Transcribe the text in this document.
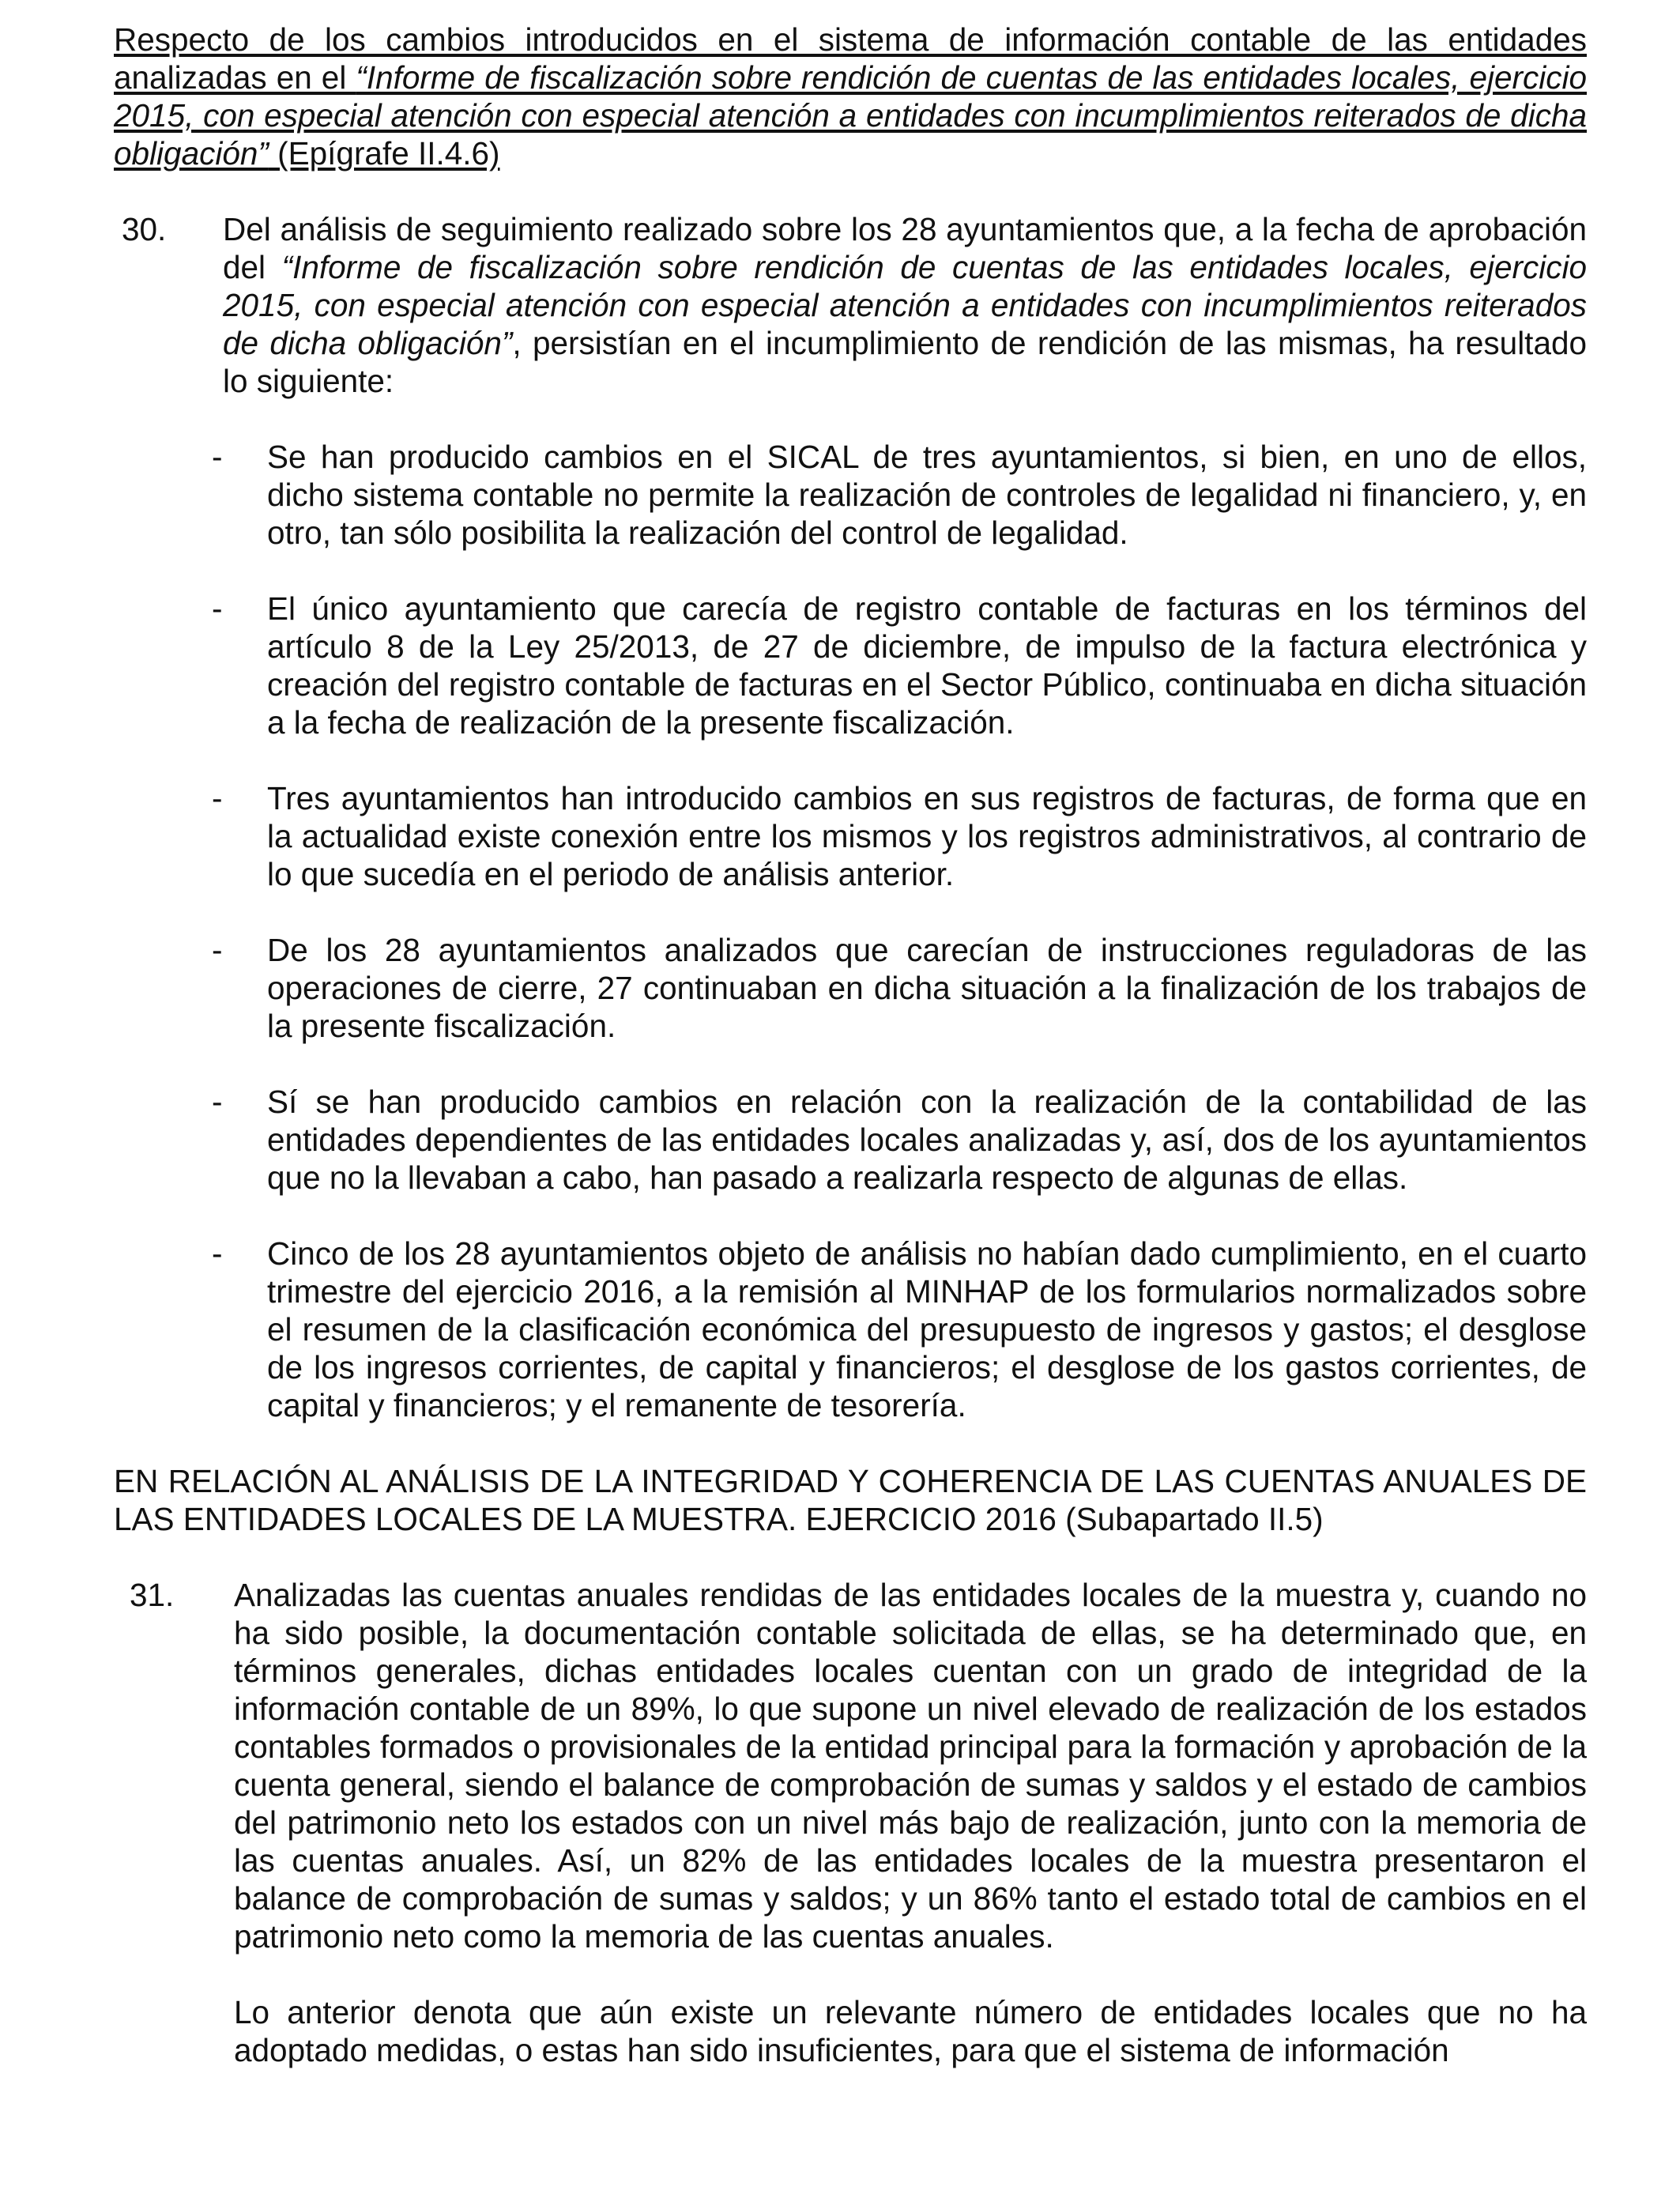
Respecto de los cambios introducidos en el sistema de información contable de las entidades analizadas en el “Informe de fiscalización sobre rendición de cuentas de las entidades locales, ejercicio 2015, con especial atención con especial atención a entidades con incumplimientos reiterados de dicha obligación” (Epígrafe II.4.6)

30. Del análisis de seguimiento realizado sobre los 28 ayuntamientos que, a la fecha de aprobación del “Informe de fiscalización sobre rendición de cuentas de las entidades locales, ejercicio 2015, con especial atención con especial atención a entidades con incumplimientos reiterados de dicha obligación”, persistían en el incumplimiento de rendición de las mismas, ha resultado lo siguiente:
- Se han producido cambios en el SICAL de tres ayuntamientos, si bien, en uno de ellos, dicho sistema contable no permite la realización de controles de legalidad ni financiero, y, en otro, tan sólo posibilita la realización del control de legalidad.
- El único ayuntamiento que carecía de registro contable de facturas en los términos del artículo 8 de la Ley 25/2013, de 27 de diciembre, de impulso de la factura electrónica y creación del registro contable de facturas en el Sector Público, continuaba en dicha situación a la fecha de realización de la presente fiscalización.
- Tres ayuntamientos han introducido cambios en sus registros de facturas, de forma que en la actualidad existe conexión entre los mismos y los registros administrativos, al contrario de lo que sucedía en el periodo de análisis anterior.
- De los 28 ayuntamientos analizados que carecían de instrucciones reguladoras de las operaciones de cierre, 27 continuaban en dicha situación a la finalización de los trabajos de la presente fiscalización.
- Sí se han producido cambios en relación con la realización de la contabilidad de las entidades dependientes de las entidades locales analizadas y, así, dos de los ayuntamientos que no la llevaban a cabo, han pasado a realizarla respecto de algunas de ellas.
- Cinco de los 28 ayuntamientos objeto de análisis no habían dado cumplimiento, en el cuarto trimestre del ejercicio 2016, a la remisión al MINHAP de los formularios normalizados sobre el resumen de la clasificación económica del presupuesto de ingresos y gastos; el desglose de los ingresos corrientes, de capital y financieros; el desglose de los gastos corrientes, de capital y financieros; y el remanente de tesorería.

EN RELACIÓN AL ANÁLISIS DE LA INTEGRIDAD Y COHERENCIA DE LAS CUENTAS ANUALES DE LAS ENTIDADES LOCALES DE LA MUESTRA. EJERCICIO 2016 (Subapartado II.5)

31. Analizadas las cuentas anuales rendidas de las entidades locales de la muestra y, cuando no ha sido posible, la documentación contable solicitada de ellas, se ha determinado que, en términos generales, dichas entidades locales cuentan con un grado de integridad de la información contable de un 89%, lo que supone un nivel elevado de realización de los estados contables formados o provisionales de la entidad principal para la formación y aprobación de la cuenta general, siendo el balance de comprobación de sumas y saldos y el estado de cambios del patrimonio neto los estados con un nivel más bajo de realización, junto con la memoria de las cuentas anuales. Así, un 82% de las entidades locales de la muestra presentaron el balance de comprobación de sumas y saldos; y un 86% tanto el estado total de cambios en el patrimonio neto como la memoria de las cuentas anuales.

Lo anterior denota que aún existe un relevante número de entidades locales que no ha adoptado medidas, o estas han sido insuficientes, para que el sistema de información
